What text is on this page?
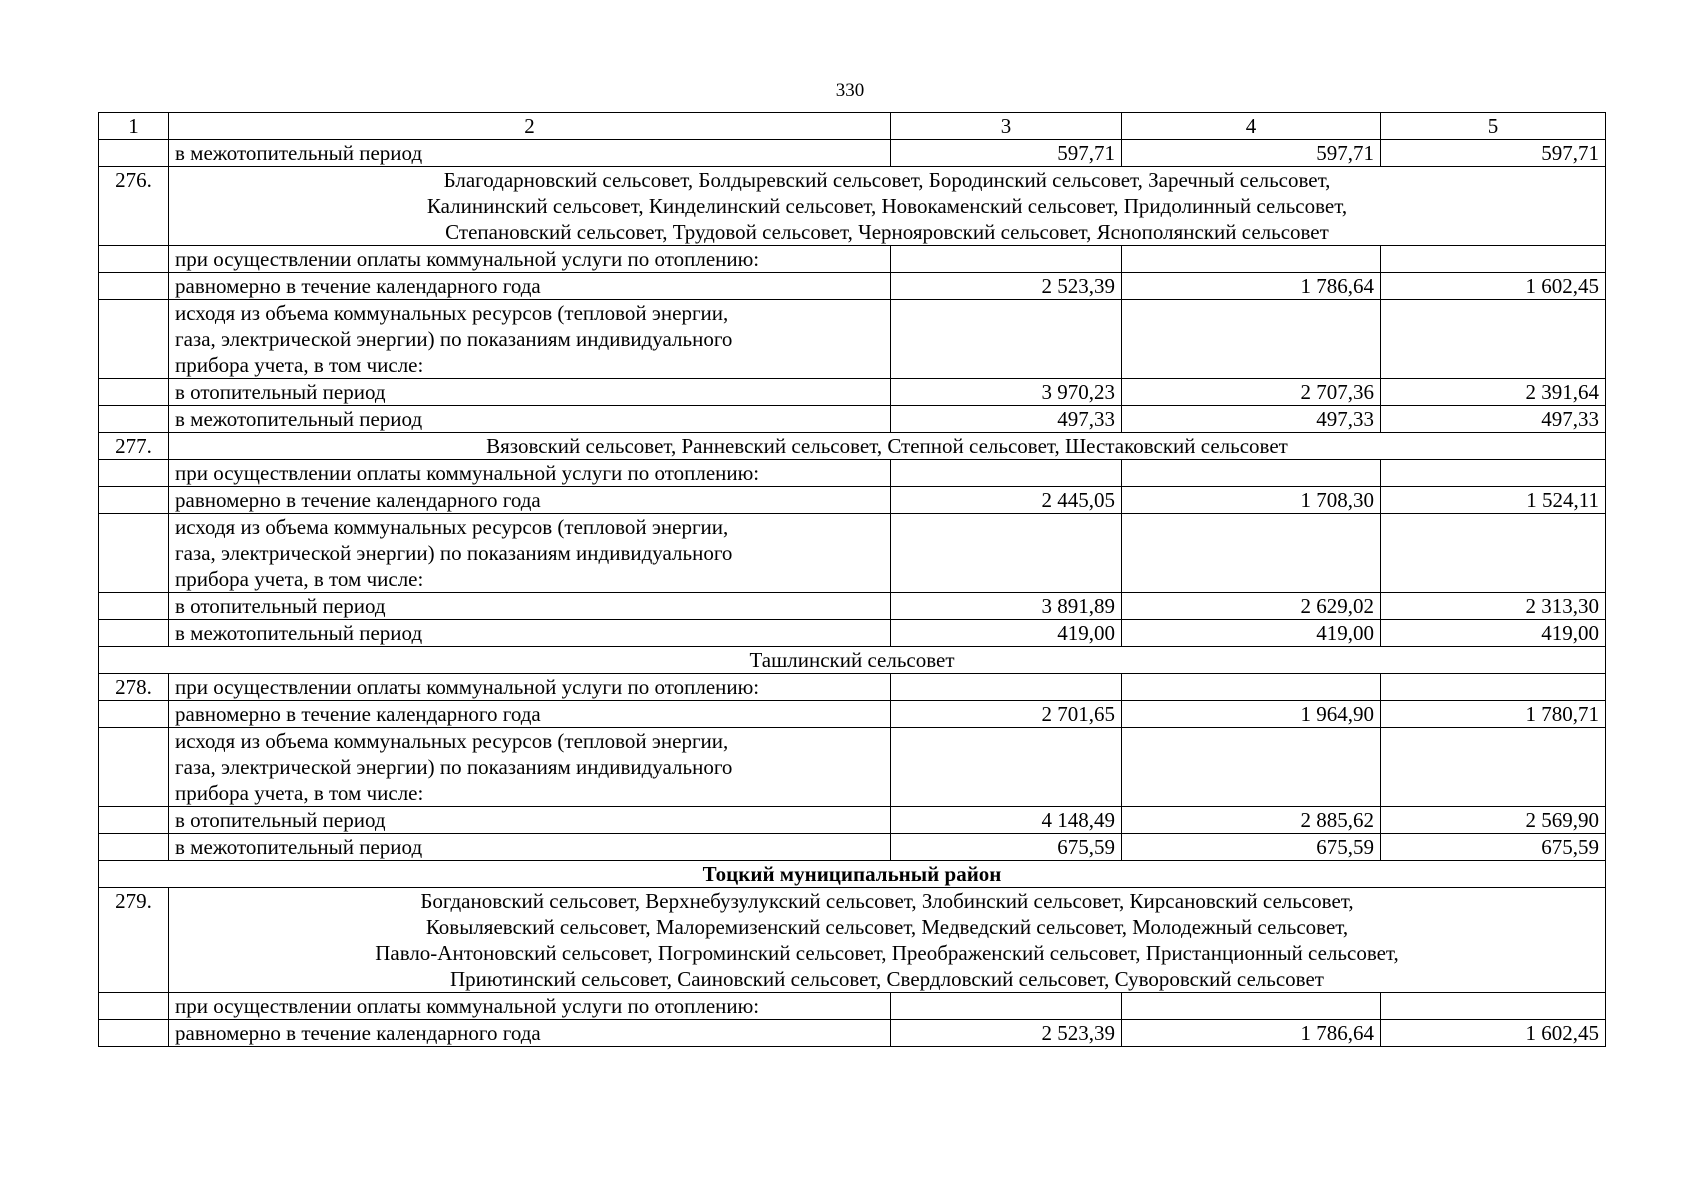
330
1	2	3	4	5
	в межотопительный период	597,71	597,71	597,71
276.	Благодарновский сельсовет, Болдыревский сельсовет, Бородинский сельсовет, Заречный сельсовет,
Калининский сельсовет, Кинделинский сельсовет, Новокаменский сельсовет, Придолинный сельсовет,
Степановский сельсовет, Трудовой сельсовет, Чернояровский сельсовет, Яснополянский сельсовет			
	при осуществлении оплаты коммунальной услуги по отоплению:			
	равномерно в течение календарного года	2 523,39	1 786,64	1 602,45
	исходя из объема коммунальных ресурсов (тепловой энергии,
газа, электрической энергии) по показаниям индивидуального
прибора учета, в том числе:			
	в отопительный период	3 970,23	2 707,36	2 391,64
	в межотопительный период	497,33	497,33	497,33
277.	Вязовский сельсовет, Ранневский сельсовет, Степной сельсовет, Шестаковский сельсовет			
	при осуществлении оплаты коммунальной услуги по отоплению:			
	равномерно в течение календарного года	2 445,05	1 708,30	1 524,11
	исходя из объема коммунальных ресурсов (тепловой энергии,
газа, электрической энергии) по показаниям индивидуального
прибора учета, в том числе:			
	в отопительный период	3 891,89	2 629,02	2 313,30
	в межотопительный период	419,00	419,00	419,00
Ташлинский сельсовет				
278.	при осуществлении оплаты коммунальной услуги по отоплению:			
	равномерно в течение календарного года	2 701,65	1 964,90	1 780,71
	исходя из объема коммунальных ресурсов (тепловой энергии,
газа, электрической энергии) по показаниям индивидуального
прибора учета, в том числе:			
	в отопительный период	4 148,49	2 885,62	2 569,90
	в межотопительный период	675,59	675,59	675,59
Тоцкий муниципальный район				
279.	Богдановский сельсовет, Верхнебузулукский сельсовет, Злобинский сельсовет, Кирсановский сельсовет,
Ковыляевский сельсовет, Малоремизенский сельсовет, Медведский сельсовет, Молодежный сельсовет,
Павло-Антоновский сельсовет, Погроминский сельсовет, Преображенский сельсовет, Пристанционный сельсовет,
Приютинский сельсовет, Саиновский сельсовет, Свердловский сельсовет, Суворовский сельсовет			
	при осуществлении оплаты коммунальной услуги по отоплению:			
	равномерно в течение календарного года	2 523,39	1 786,64	1 602,45
